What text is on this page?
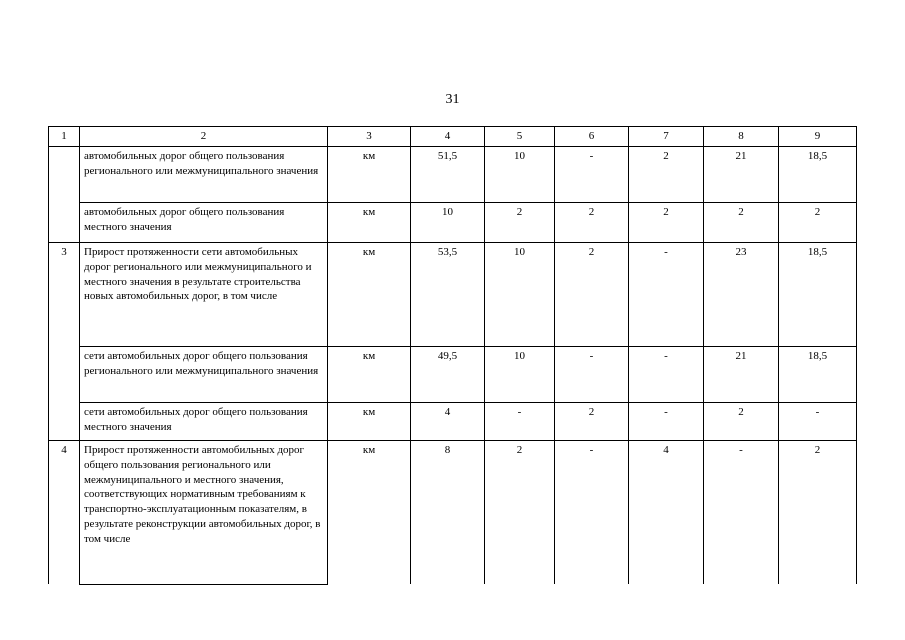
31
1	2	3	4	5	6	7	8	9
	автомобильных дорог общего пользования регионального или межмуниципального значения	км	51,5	10	-	2	21	18,5
	автомобильных дорог общего пользования местного значения	км	10	2	2	2	2	2
3	Прирост протяженности сети автомобильных дорог регионального или межмуниципального и местного значения в результате строительства новых автомобильных дорог, в том числе	км	53,5	10	2	-	23	18,5
	сети автомобильных дорог общего пользования регионального или межмуниципального значения	км	49,5	10	-	-	21	18,5
	сети автомобильных дорог общего пользования местного значения	км	4	-	2	-	2	-
4	Прирост протяженности автомобильных дорог общего пользования регионального или межмуниципального и местного значения, соответствующих нормативным требованиям к транспортно-эксплуатационным показателям, в результате реконструкции автомобильных дорог, в том числе	км	8	2	-	4	-	2
